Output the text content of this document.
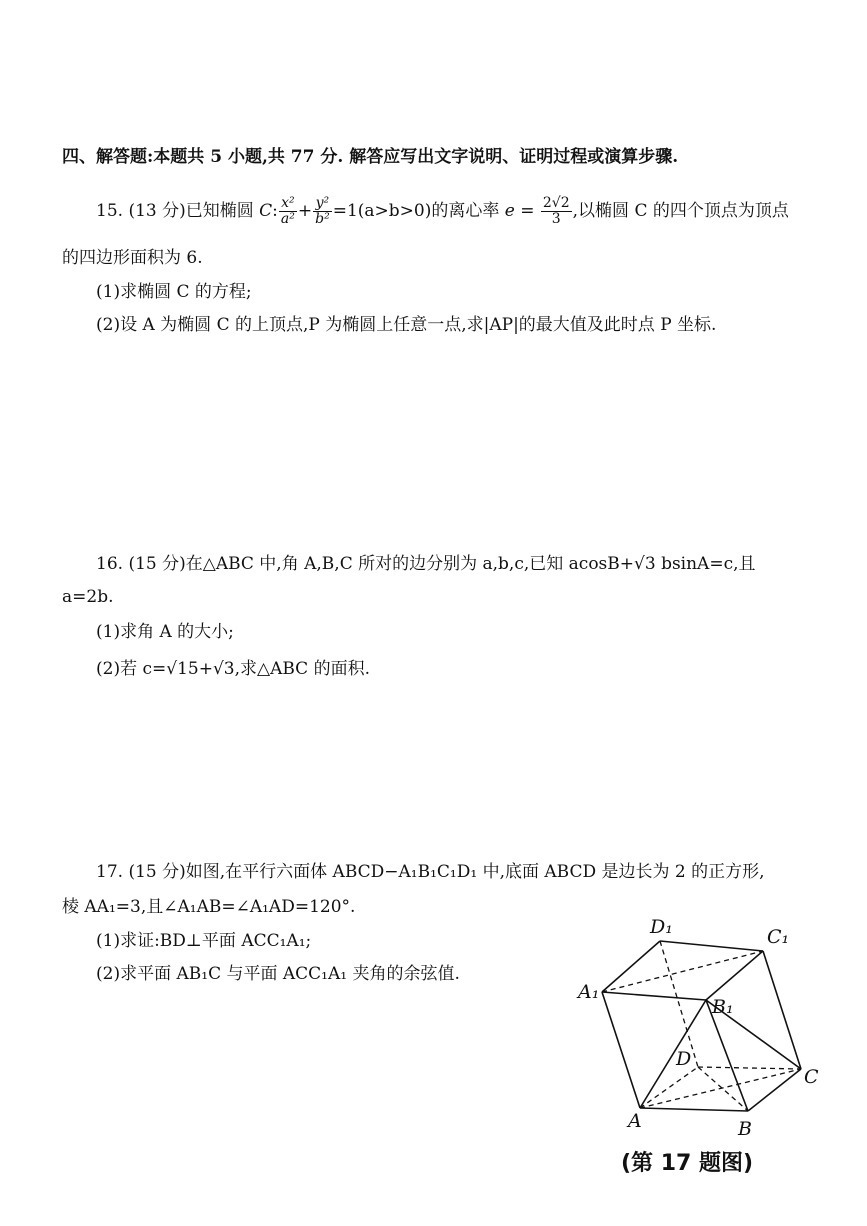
四、解答题:本题共 5 小题,共 77 分. 解答应写出文字说明、证明过程或演算步骤.
15. (13 分)已知椭圆 C: $\frac{\text{x²}}{\text{a²}} + \frac{\text{y²}}{\text{b²}} =1(a>b>0)$的离心率 $e = \frac{2√2}{3}$ ,以椭圆 C 的四个顶点为顶点
的四边形面积为 6.
(1)求椭圆 C 的方程;
(2)设 A 为椭圆 C 的上顶点,P 为椭圆上任意一点,求|AP|的最大值及此时点 P 坐标.
16. (15 分)在△ABC 中,角 A,B,C 所对的边分别为 a,b,c,已知 acosB+√3 bsinA=c,且
a=2b.
(1)求角 A 的大小;
(2)若 c=√15+√3,求△ABC 的面积.
17. (15 分)如图,在平行六面体 ABCD−A₁B₁C₁D₁ 中,底面 ABCD 是边长为 2 的正方形,
棱 AA₁=3,且∠A₁AB=∠A₁AD=120°.
(1)求证:BD⊥平面 ACC₁A₁;
(2)求平面 AB₁C 与平面 ACC₁A₁ 夹角的余弦值.
D₁	C₁
A₁
B₁
D
C
A	B
(第 17 题图)
